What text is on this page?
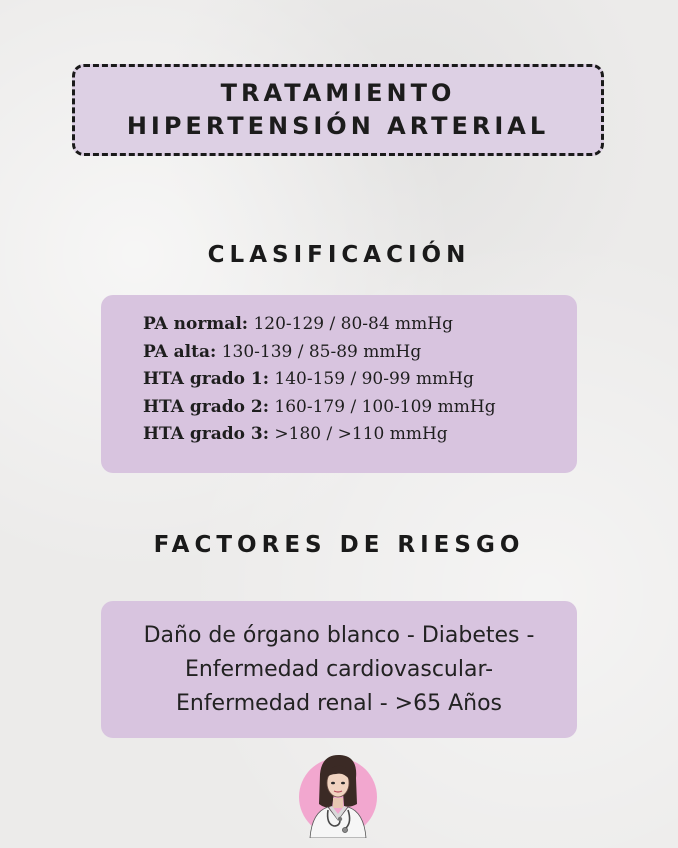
TRATAMIENTO
HIPERTENSIÓN ARTERIAL
CLASIFICACIÓN
PA normal: 120-129 / 80-84 mmHg
PA alta: 130-139 / 85-89 mmHg
HTA grado 1: 140-159 / 90-99 mmHg
HTA grado 2: 160-179 / 100-109 mmHg
HTA grado 3: >180 / >110 mmHg
FACTORES DE RIESGO
Daño de órgano blanco - Diabetes -
Enfermedad cardiovascular-
Enfermedad renal - >65 Años
